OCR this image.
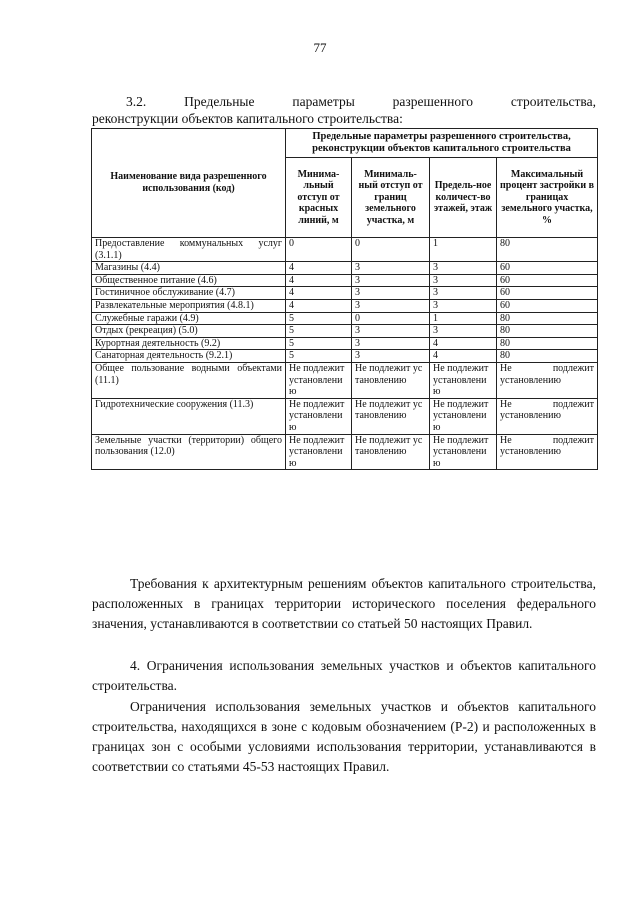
77
3.2.	Предельные	параметры	разрешенного	строительства,
реконструкции объектов капитального строительства:
Наименование вида разрешенного использования (код)	Предельные параметры разрешенного строительства, реконструкции объектов капитального строительства			
	Минима-льный отступ от красных линий, м	Минималь-ный отступ от границ земельного участка, м	Предель-ное количест-во этажей, этаж	Максимальный процент застройки в границах земельного участка, %
Предоставление коммунальных услуг (3.1.1)	0	0	1	80
Магазины (4.4)	4	3	3	60
Общественное питание (4.6)	4	3	3	60
Гостиничное обслуживание (4.7)	4	3	3	60
Развлекательные мероприятия (4.8.1)	4	3	3	60
Служебные гаражи (4.9)	5	0	1	80
Отдых (рекреация) (5.0)	5	3	3	80
Курортная деятельность (9.2)	5	3	4	80
Санаторная деятельность (9.2.1)	5	3	4	80
Общее пользование водными объектами (11.1)	Не подлежит установлению	Не подлежит установлению	Не подлежит установлению	Не подлежит установлению
Гидротехнические сооружения (11.3)	Не подлежит установлению	Не подлежит установлению	Не подлежит установлению	Не подлежит установлению
Земельные участки (территории) общего пользования (12.0)	Не подлежит установлению	Не подлежит установлению	Не подлежит установлению	Не подлежит установлению

Требования к архитектурным решениям объектов капитального строительства, расположенных в границах территории исторического поселения федерального значения, устанавливаются в соответствии со статьей 50 настоящих Правил.

4. Ограничения использования земельных участков и объектов капитального строительства.

Ограничения использования земельных участков и объектов капитального строительства, находящихся в зоне с кодовым обозначением (Р-2) и расположенных в границах зон с особыми условиями использования территории, устанавливаются в соответствии со статьями 45-53 настоящих Правил.
